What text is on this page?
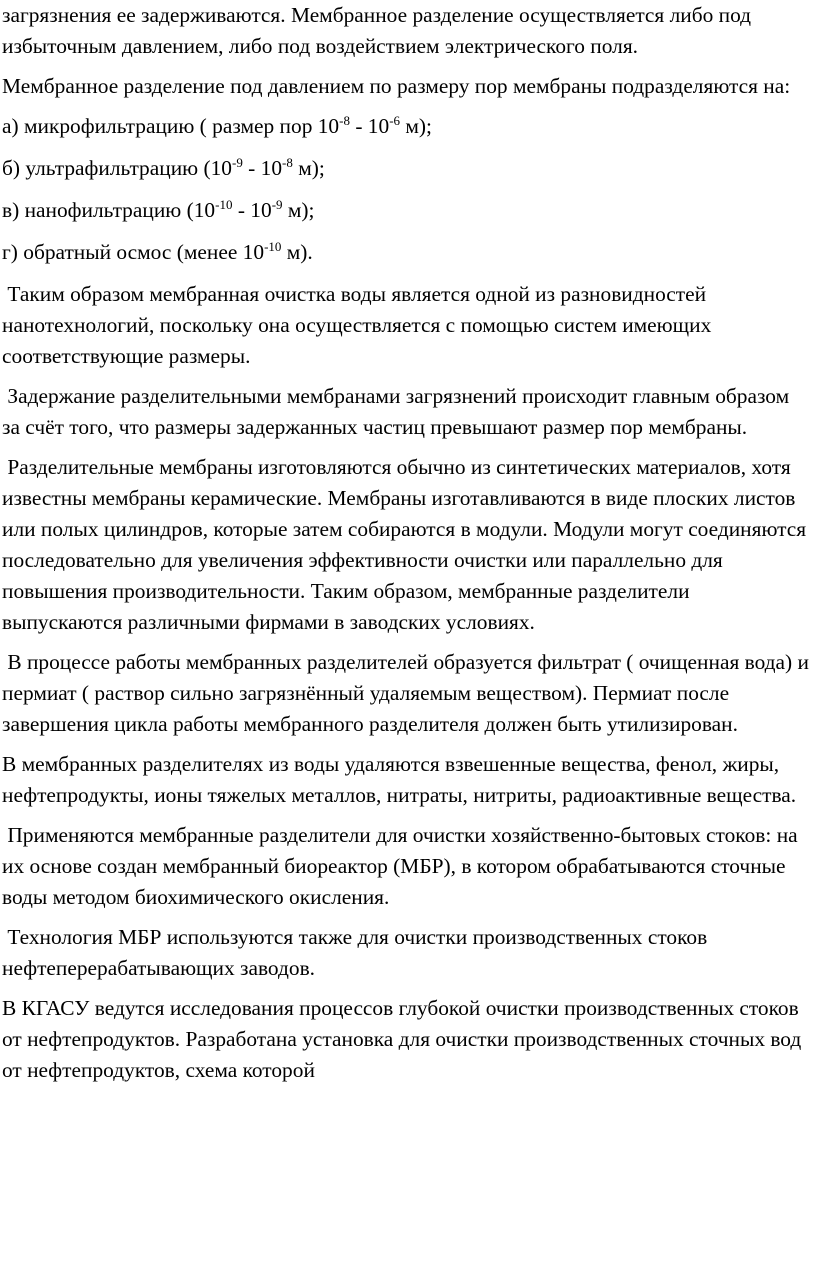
загрязнения ее задерживаются. Мембранное разделение осуществляется либо под избыточным давлением, либо под воздействием электрического поля.

Мембранное разделение под давлением по размеру пор мембраны подразделяются на:

а) микрофильтрацию ( размер пор $10^{-8} - 10^{-6}$ м);
б) ультрафильтрацию ($10^{-9} - 10^{-8}$ м);
в) нанофильтрацию ($10^{-10} - 10^{-9}$ м);
г) обратный осмос (менее $10^{-10}$ м).

Таким образом мембранная очистка воды является одной из разновидностей нанотехнологий, поскольку она осуществляется с помощью систем имеющих соответствующие размеры.

Задержание разделительными мембранами загрязнений происходит главным образом за счёт того, что размеры задержанных частиц превышают размер пор мембраны.

Разделительные мембраны изготовляются обычно из синтетических материалов, хотя известны мембраны керамические. Мембраны изготавливаются в виде плоских листов или полых цилиндров, которые затем собираются в модули. Модули могут соединяются последовательно для увеличения эффективности очистки или параллельно для повышения производительности. Таким образом, мембранные разделители выпускаются различными фирмами в заводских условиях.

В процессе работы мембранных разделителей образуется фильтрат ( очищенная вода) и пермиат ( раствор сильно загрязнённый удаляемым веществом). Пермиат после завершения цикла работы мембранного разделителя должен быть утилизирован.

В мембранных разделителях из воды удаляются взвешенные вещества, фенол, жиры, нефтепродукты, ионы тяжелых металлов, нитраты, нитриты, радиоактивные вещества.

Применяются мембранные разделители для очистки хозяйственно-бытовых стоков: на их основе создан мембранный биореактор (МБР), в котором обрабатываются сточные воды методом биохимического окисления.

Технология МБР используются также для очистки производственных стоков нефтеперерабатывающих заводов.

В КГАСУ ведутся исследования процессов глубокой очистки производственных стоков от нефтепродуктов. Разработана установка для очистки производственных сточных вод от нефтепродуктов, схема которой
